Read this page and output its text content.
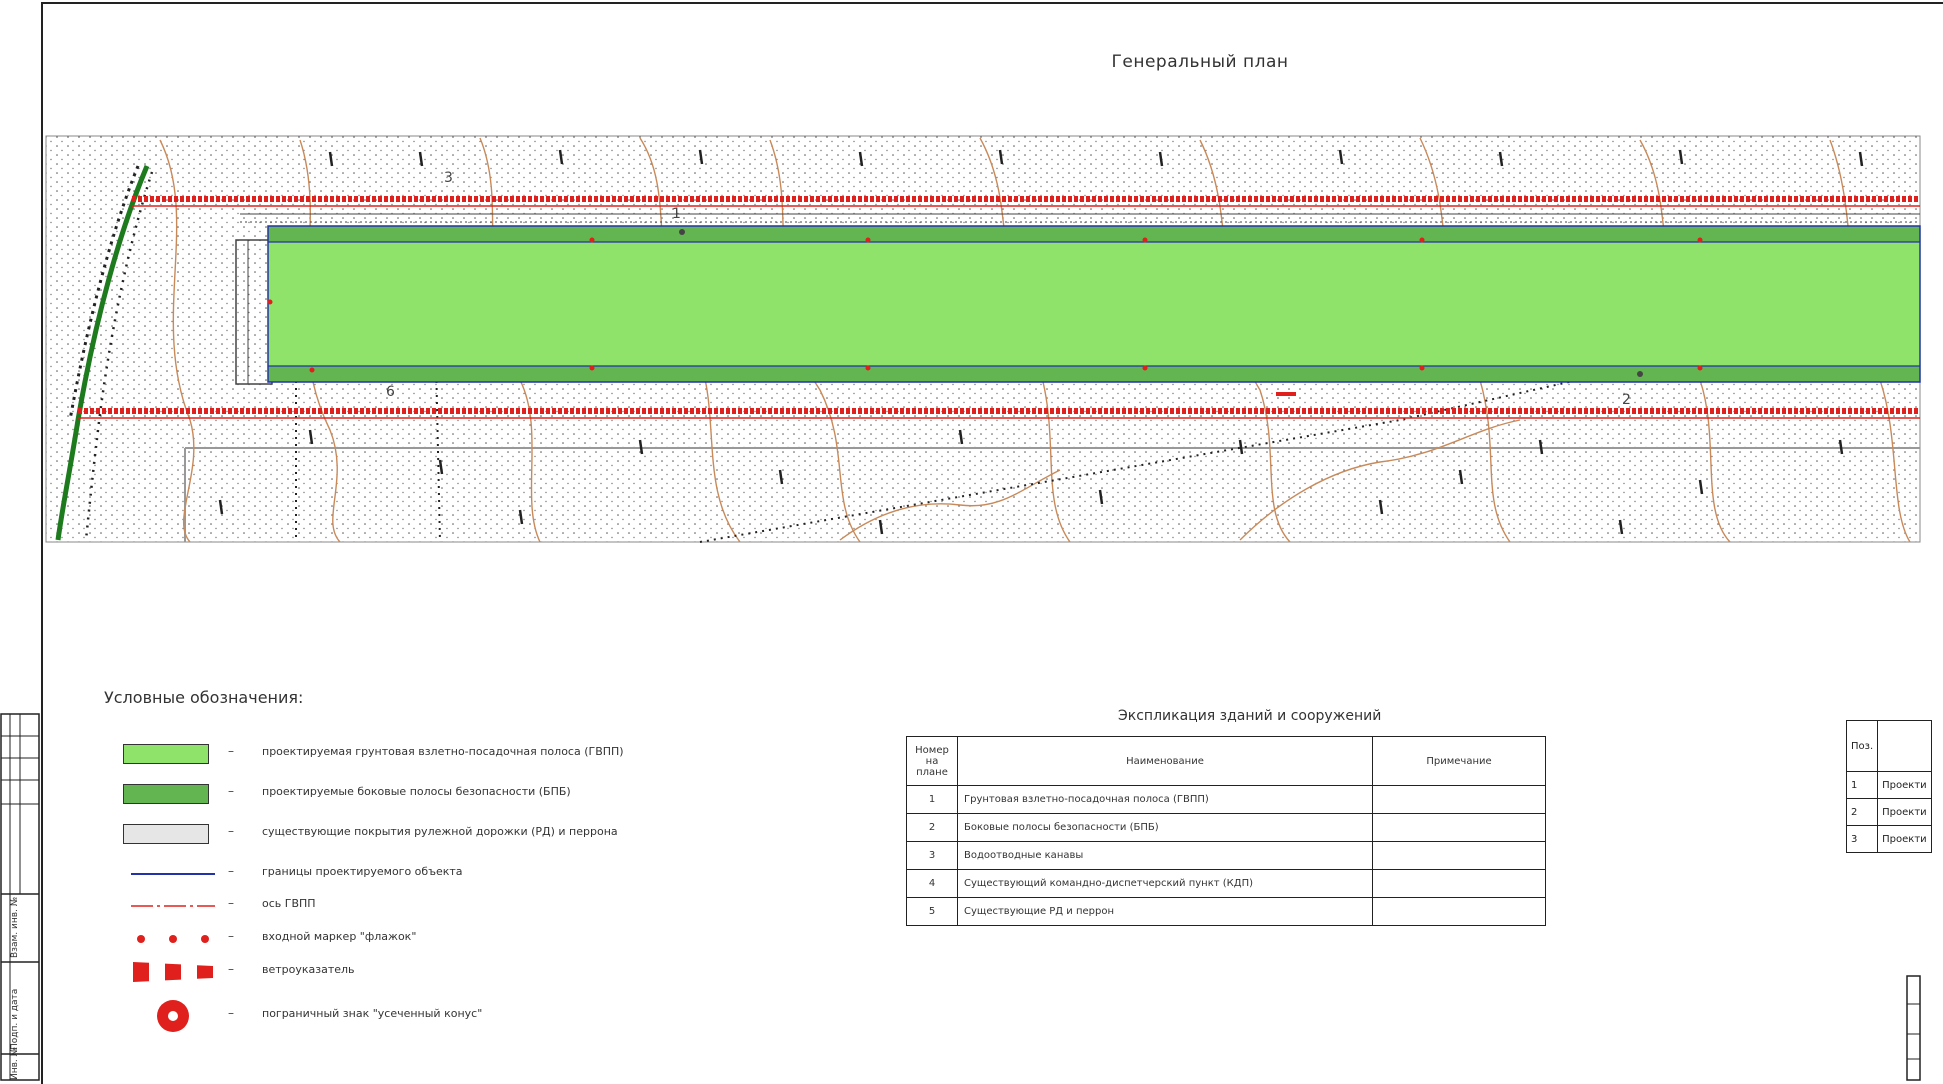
Генеральный план
1
2
3
6
Условные обозначения:
–	проектируемая грунтовая взлетно-посадочная полоса (ГВПП)
–	проектируемые боковые полосы безопасности (БПБ)
–	существующие покрытия рулежной дорожки (РД) и перрона
–	границы проектируемого объекта
–	ось ГВПП
–	входной маркер "флажок"
–	ветроуказатель
–	пограничный знак "усеченный конус"
Экспликация зданий и сооружений
Номер на плане	Наименование	Примечание
1	Грунтовая взлетно-посадочная полоса (ГВПП)	
2	Боковые полосы безопасности (БПБ)	
3	Водоотводные канавы	
4	Существующий командно-диспетчерский пункт (КДП)	
5	Существующие РД и перрон	
Поз.	
1	Проекти
2	Проекти
3	Проекти
Взам. инв. №
Подп. и дата
Инв. №
